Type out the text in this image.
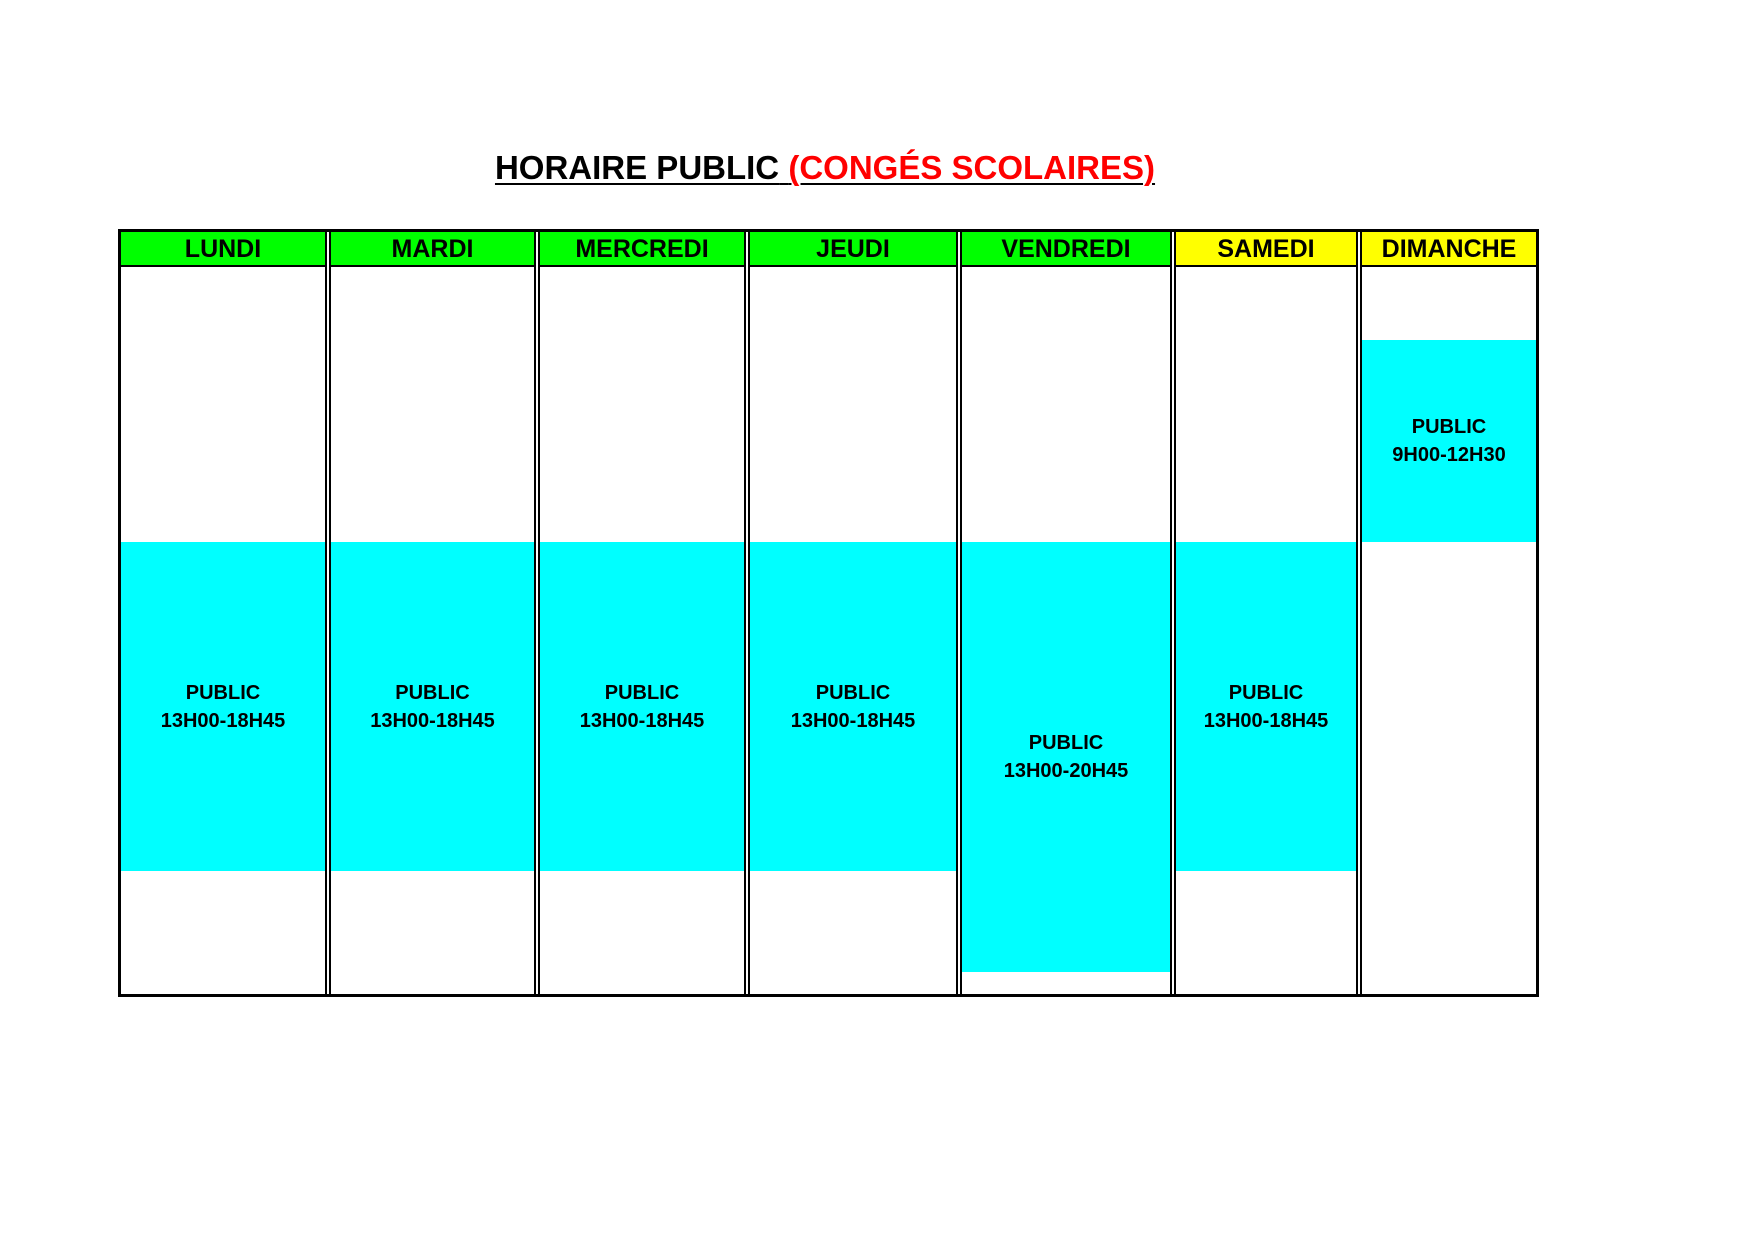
HORAIRE PUBLIC (CONGÉS SCOLAIRES)
LUNDI
PUBLIC
13H00-18H45
MARDI
PUBLIC
13H00-18H45
MERCREDI
PUBLIC
13H00-18H45
JEUDI
PUBLIC
13H00-18H45
VENDREDI
PUBLIC
13H00-20H45
SAMEDI
PUBLIC
13H00-18H45
DIMANCHE
PUBLIC
9H00-12H30
